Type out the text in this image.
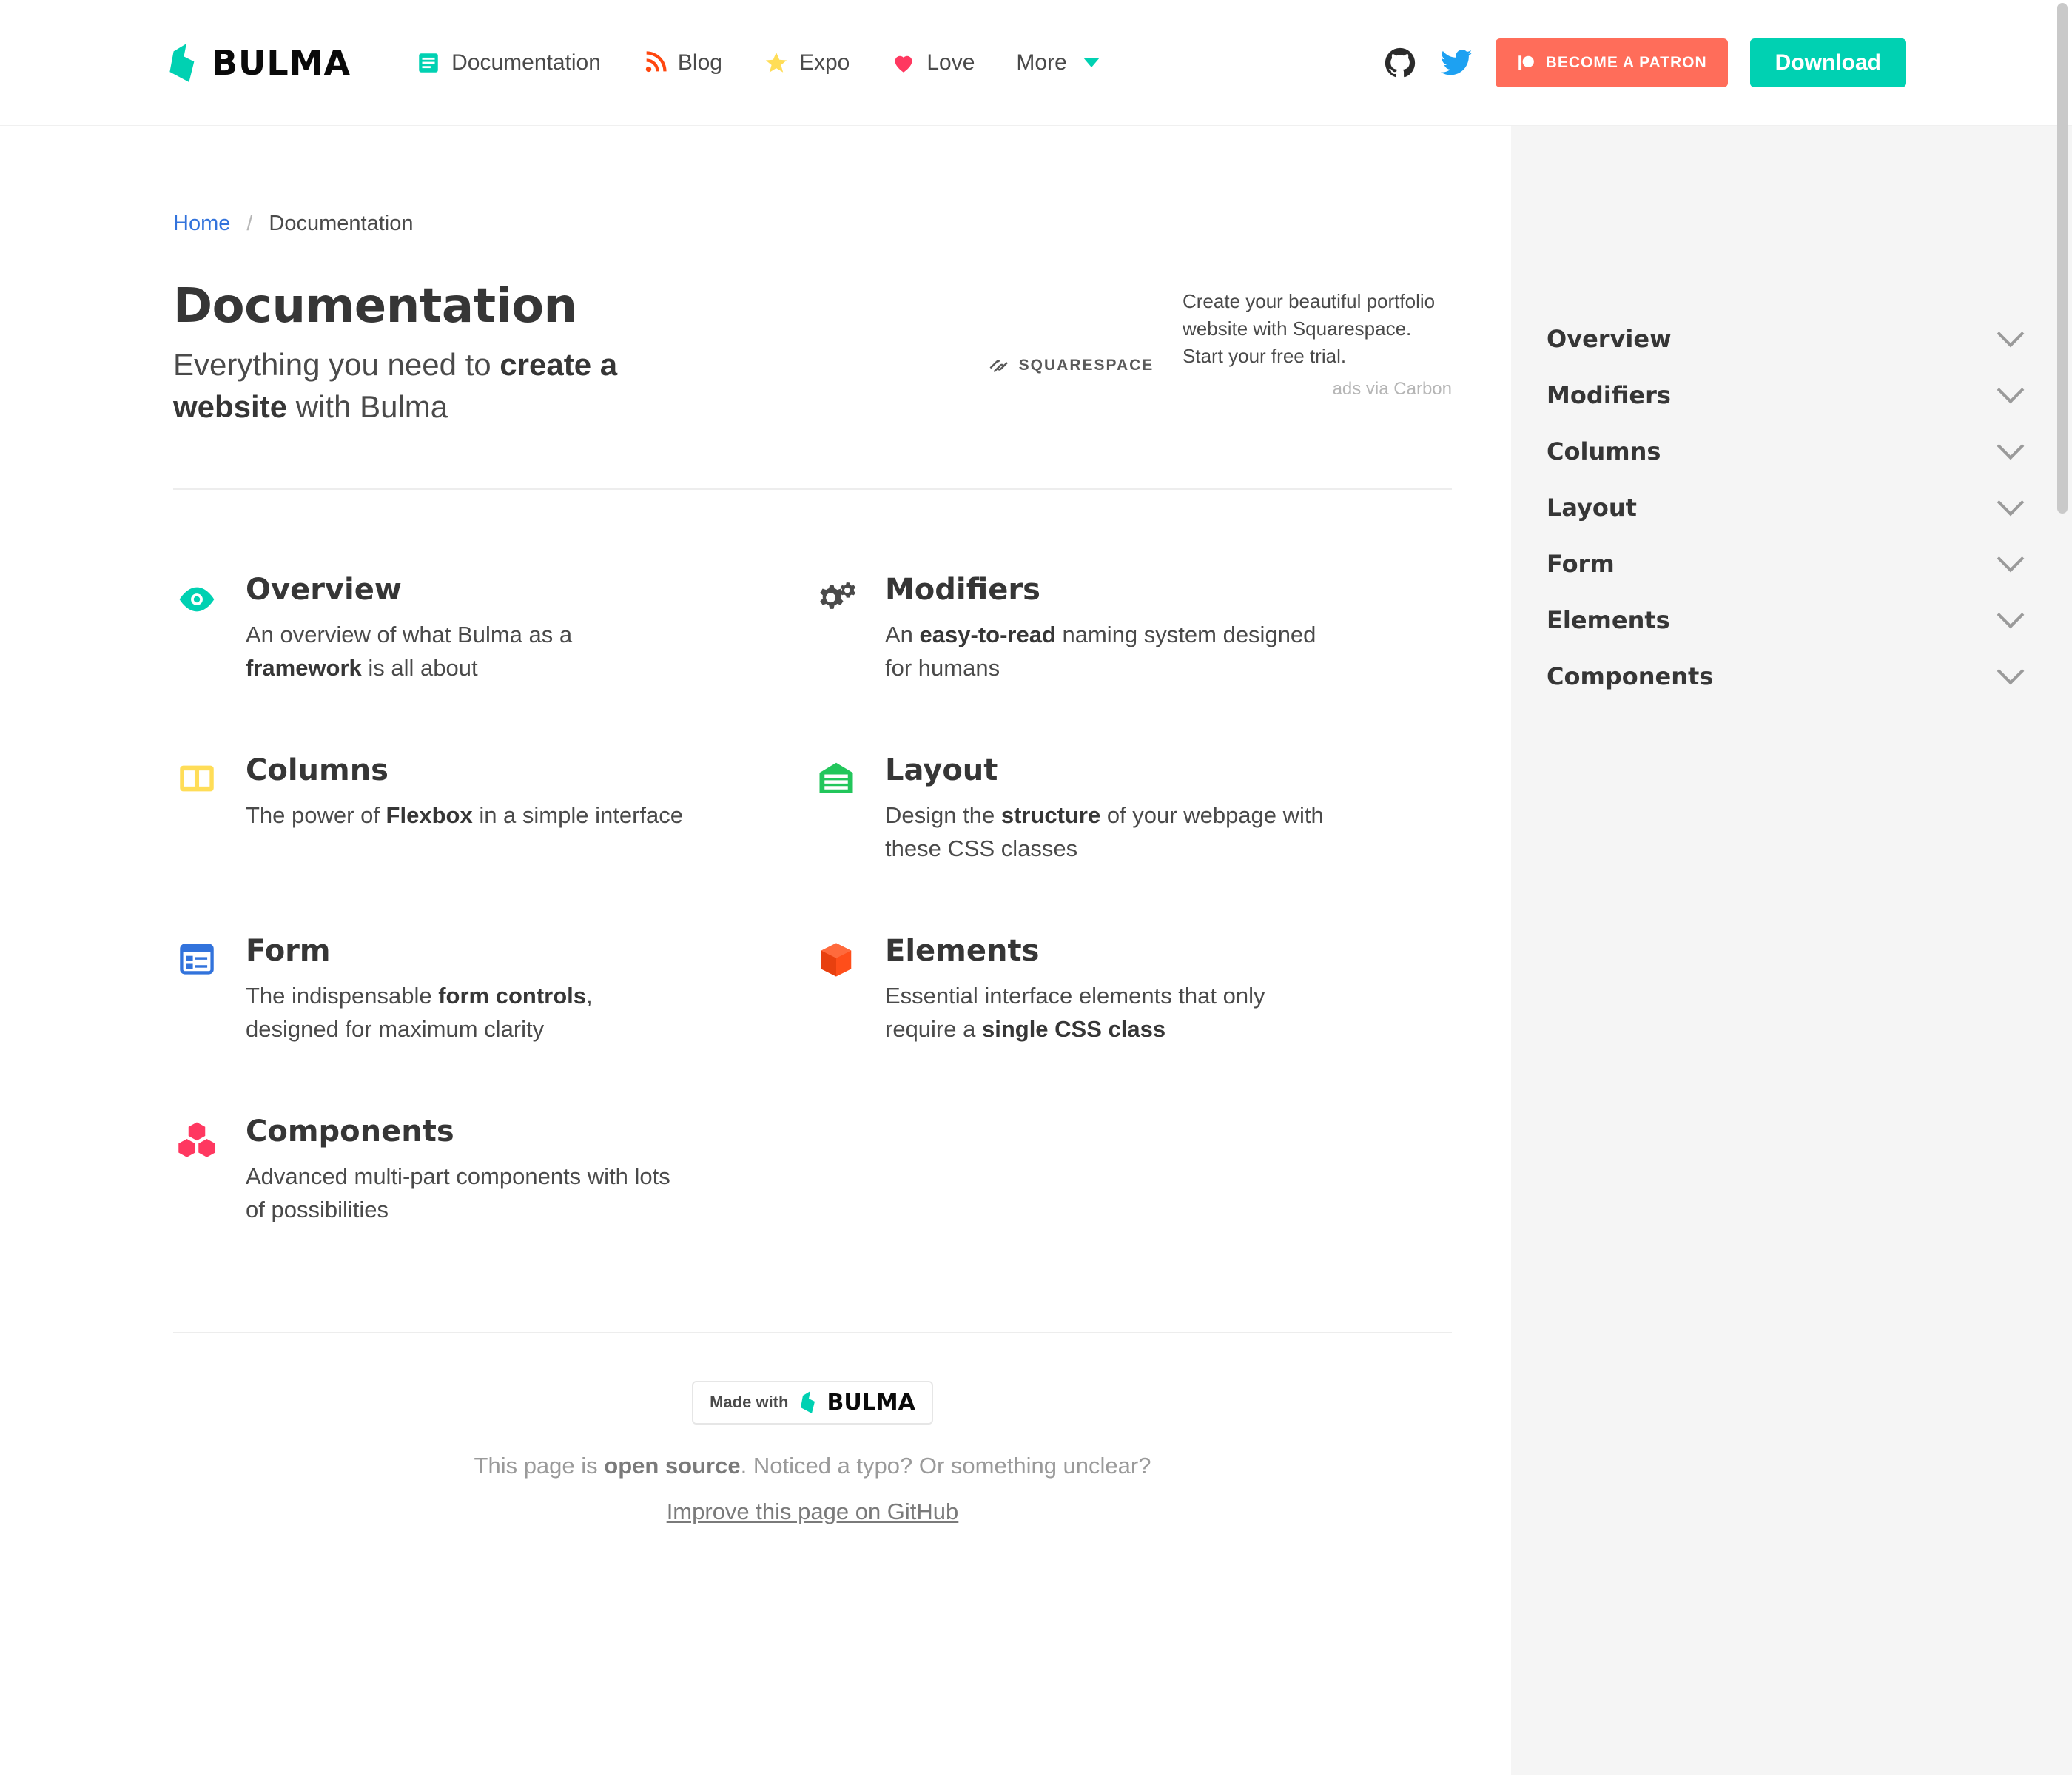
BULMA	Documentation	Blog	Expo	Love More	BECOME A PATRON	Download
Home / Documentation
Documentation
Everything you need to create a website with Bulma
SQUARESPACE
Create your beautiful portfolio website with Squarespace. Start your free trial.
ads via Carbon
Overview
An overview of what Bulma as a framework is all about
Modifiers
An easy-to-read naming system designed for humans
Columns
The power of Flexbox in a simple interface
Layout
Design the structure of your webpage with these CSS classes
Form
The indispensable form controls, designed for maximum clarity
Elements
Essential interface elements that only require a single CSS class
Components
Advanced multi-part components with lots of possibilities
Made with BULMA
This page is open source. Noticed a typo? Or something unclear?
Improve this page on GitHub
Overview
Modifiers
Columns
Layout
Form
Elements
Components
